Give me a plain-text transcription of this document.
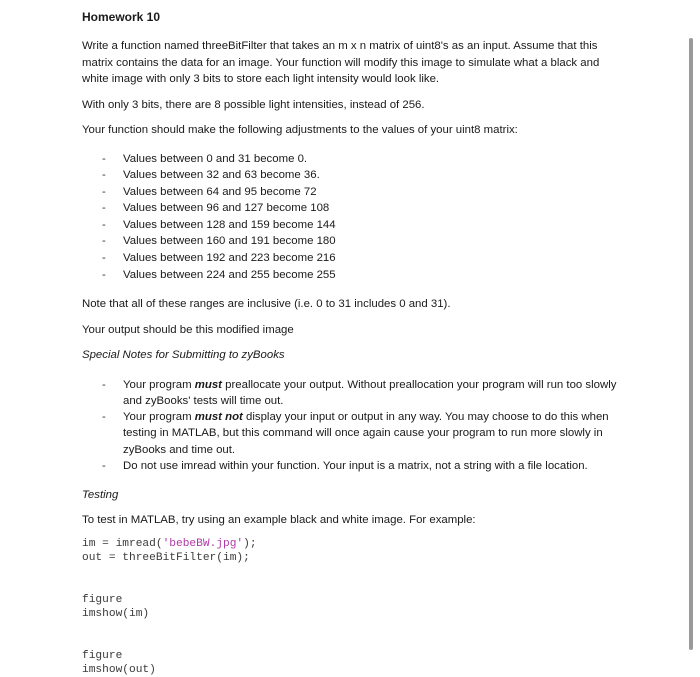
Homework 10

Write a function named threeBitFilter that takes an m x n matrix of uint8's as an input. Assume that this matrix contains the data for an image. Your function will modify this image to simulate what a black and white image with only 3 bits to store each light intensity would look like.

With only 3 bits, there are 8 possible light intensities, instead of 256.

Your function should make the following adjustments to the values of your uint8 matrix:

- Values between 0 and 31 become 0.
- Values between 32 and 63 become 36.
- Values between 64 and 95 become 72
- Values between 96 and 127 become 108
- Values between 128 and 159 become 144
- Values between 160 and 191 become 180
- Values between 192 and 223 become 216
- Values between 224 and 255 become 255

Note that all of these ranges are inclusive (i.e. 0 to 31 includes 0 and 31).

Your output should be this modified image

Special Notes for Submitting to zyBooks

- Your program must preallocate your output. Without preallocation your program will run too slowly and zyBooks' tests will time out.
- Your program must not display your input or output in any way. You may choose to do this when testing in MATLAB, but this command will once again cause your program to run more slowly in zyBooks and time out.
- Do not use imread within your function. Your input is a matrix, not a string with a file location.

Testing

To test in MATLAB, try using an example black and white image. For example:

im = imread('bebeBW.jpg');
out = threeBitFilter(im);
figure
imshow(im)
figure
imshow(out)
